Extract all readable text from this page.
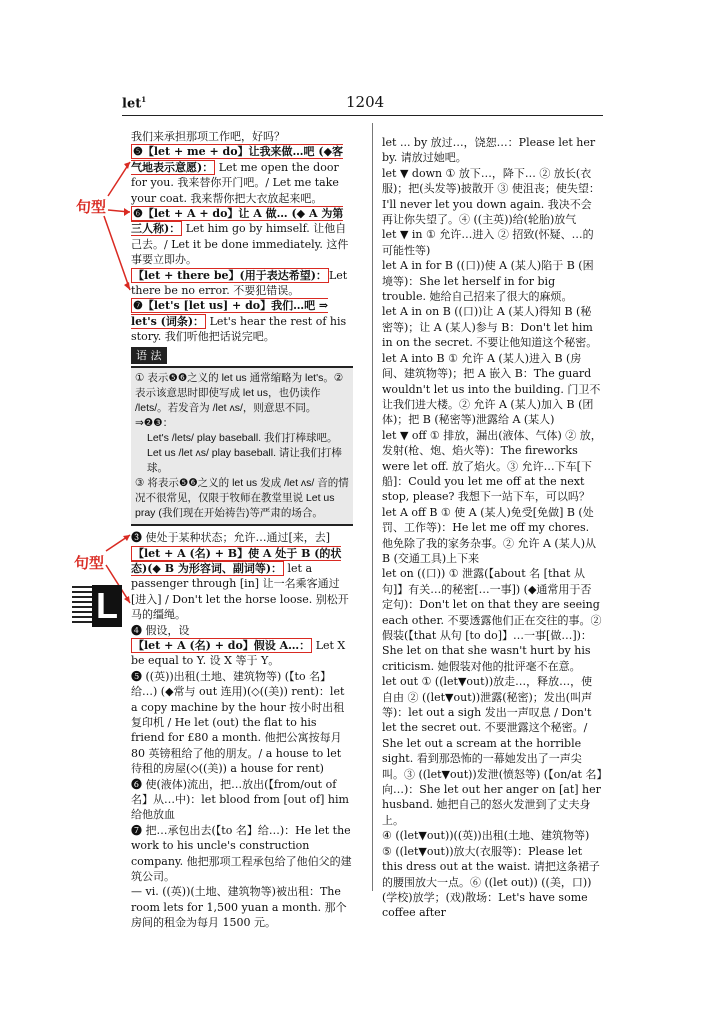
let$^1$	1204

我们来承担那项工作吧，好吗？

❺【let + me + do】让我来做…吧 (◆客气地表示意愿)： Let me open the door for you. 我来替你开门吧。/ Let me take your coat. 我来帮你把大衣放起来吧。

❻【let + A + do】让 A 做… (◆ A 为第三人称)： Let him go by himself. 让他自己去。/ Let it be done immediately. 这件事要立即办。

【let + there be】(用于表达希望)： Let there be no error. 不要犯错误。

❼【let's [let us] + do】我们…吧 ⇒ let's (词条)： Let's hear the rest of his story. 我们听他把话说完吧。

语 法

① 表示❺❻之义的 let us 通常缩略为 let's。② 表示该意思时即使写成 let us，也仍读作 /lets/。若发音为 /let ʌs/，则意思不同。⇒❷❸：

Let's /lets/ play baseball. 我们打棒球吧。

Let us /let ʌs/ play baseball. 请让我们打棒球。

③ 将表示❺❻之义的 let us 发成 /let ʌs/ 音的情况不很常见，仅限于牧师在教堂里说 Let us pray (我们现在开始祷告)等严肃的场合。

❸ 使处于某种状态；允许…通过[来，去]

【let + A (名) + B】使 A 处于 B (的状态)(◆ B 为形容词、副词等)： let a passenger through [in] 让一名乘客通过[进入] / Don't let the horse loose. 别松开马的缰绳。

❹ 假设，设

【let + A (名) + do】假设 A…： Let X be equal to Y. 设 X 等于 Y。

❺ ((英))出租(土地、建筑物等) (【to 名】给…) (◆常与 out 连用)(◇((美)) rent)：let a copy machine by the hour 按小时出租复印机 / He let (out) the flat to his friend for £80 a month. 他把公寓按每月 80 英镑租给了他的朋友。/ a house to let 待租的房屋(◇((美)) a house for rent)

❻ 使(液体)流出，把…放出(【from/out of 名】从…中)：let blood from [out of] him 给他放血

❼ 把…承包出去(【to 名】给…)：He let the work to his uncle's construction company. 他把那项工程承包给了他伯父的建筑公司。

— vi. ((英))(土地、建筑物等)被出租：The room lets for 1,500 yuan a month. 那个房间的租金为每月 1500 元。

句型
句型
L

let ... by 放过…，饶恕…：Please let her by. 请放过她吧。

let ▼ down ① 放下…，降下… ② 放长(衣服)；把(头发等)披散开 ③ 使沮丧；使失望：I'll never let you down again. 我决不会再让你失望了。④ ((主英))给(轮胎)放气

let ▼ in ① 允许…进入 ② 招致(怀疑、…的可能性等)

let A in for B ((口))使 A (某人)陷于 B (困境等)：She let herself in for big trouble. 她给自己招来了很大的麻烦。

let A in on B ((口))让 A (某人)得知 B (秘密等)；让 A (某人)参与 B：Don't let him in on the secret. 不要让他知道这个秘密。

let A into B ① 允许 A (某人)进入 B (房间、建筑物等)；把 A 嵌入 B：The guard wouldn't let us into the building. 门卫不让我们进大楼。② 允许 A (某人)加入 B (团体)；把 B (秘密等)泄露给 A (某人)

let ▼ off ① 排放，漏出(液体、气体) ② 放，发射(枪、炮、焰火等)：The fireworks were let off. 放了焰火。③ 允许…下车[下船]：Could you let me off at the next stop, please? 我想下一站下车，可以吗？

let A off B ① 使 A (某人)免受[免做] B (处罚、工作等)：He let me off my chores. 他免除了我的家务杂事。② 允许 A (某人)从 B (交通工具)上下来

let on ((口)) ① 泄露(【about 名 [that 从句]】有关…的秘密[…一事]) (◆通常用于否定句)：Don't let on that they are seeing each other. 不要透露他们正在交往的事。② 假装(【that 从句 [to do]】…一事[做…])：She let on that she wasn't hurt by his criticism. 她假装对他的批评毫不在意。

let out ① ((let▼out))放走…，释放…，使自由 ② ((let▼out))泄露(秘密)；发出(叫声等)：let out a sigh 发出一声叹息 / Don't let the secret out. 不要泄露这个秘密。/ She let out a scream at the horrible sight. 看到那恐怖的一幕她发出了一声尖叫。③ ((let▼out))发泄(愤怒等) (【on/at 名】向…)：She let out her anger on [at] her husband. 她把自己的怒火发泄到了丈夫身上。

④ ((let▼out))((英))出租(土地、建筑物等)

⑤ ((let▼out))放大(衣服等)：Please let this dress out at the waist. 请把这条裙子的腰围放大一点。⑥ ((let out)) ((美，口))(学校)放学；(戏)散场：Let's have some coffee after
